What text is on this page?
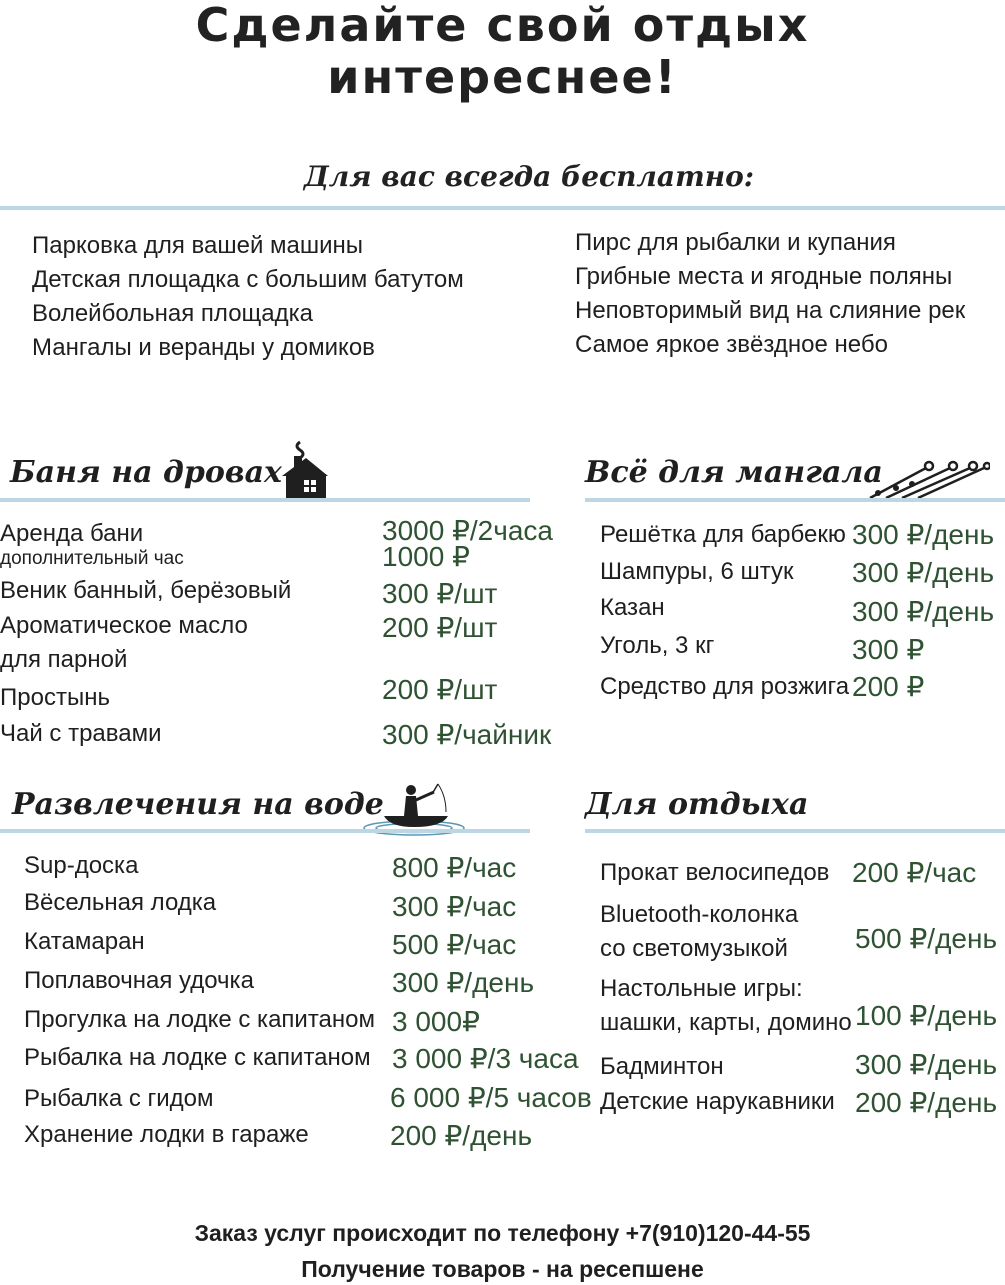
Сделайте свой отдых
интереснее!
Для вас всегда бесплатно:
Парковка для вашей машины
Детская площадка с большим батутом
Волейбольная площадка
Мангалы и веранды у домиков
Пирс для рыбалки и купания
Грибные места и ягодные поляны
Неповторимый вид на слияние рек
Самое яркое звёздное небо
Баня на дровах
Аренда бани	3000 ₽/2часа
дополнительный час	1000 ₽
Веник банный, берёзовый	300 ₽/шт
Ароматическое масло
для парной
200 ₽/шт
Простынь	200 ₽/шт
Чай с травами	300 ₽/чайник
Всё для мангала
Решётка для барбекю 300 ₽/день
Шампуры, 6 штук 300 ₽/день
Казан	300 ₽/день
Уголь, 3 кг	300 ₽
Средство для розжига 200 ₽
Развлечения на воде
Sup-доска	800 ₽/час
Вёсельная лодка	300 ₽/час
Катамаран	500 ₽/час
Поплавочная удочка	300 ₽/день
Прогулка на лодке с капитаном 3 000₽
Рыбалка на лодке с капитаном 3 000 ₽/3 часа
Рыбалка с гидом	6 000 ₽/5 часов
Хранение лодки в гараже	200 ₽/день
Для отдыха
Прокат велосипедов 200 ₽/час
Bluetooth-колонка
со светомузыкой 500 ₽/день
Настольные игры:
шашки, карты, домино 100 ₽/день
Бадминтон	300 ₽/день
Детские нарукавники 200 ₽/день
Заказ услуг происходит по телефону +7(910)120-44-55
Получение товаров - на ресепшене
